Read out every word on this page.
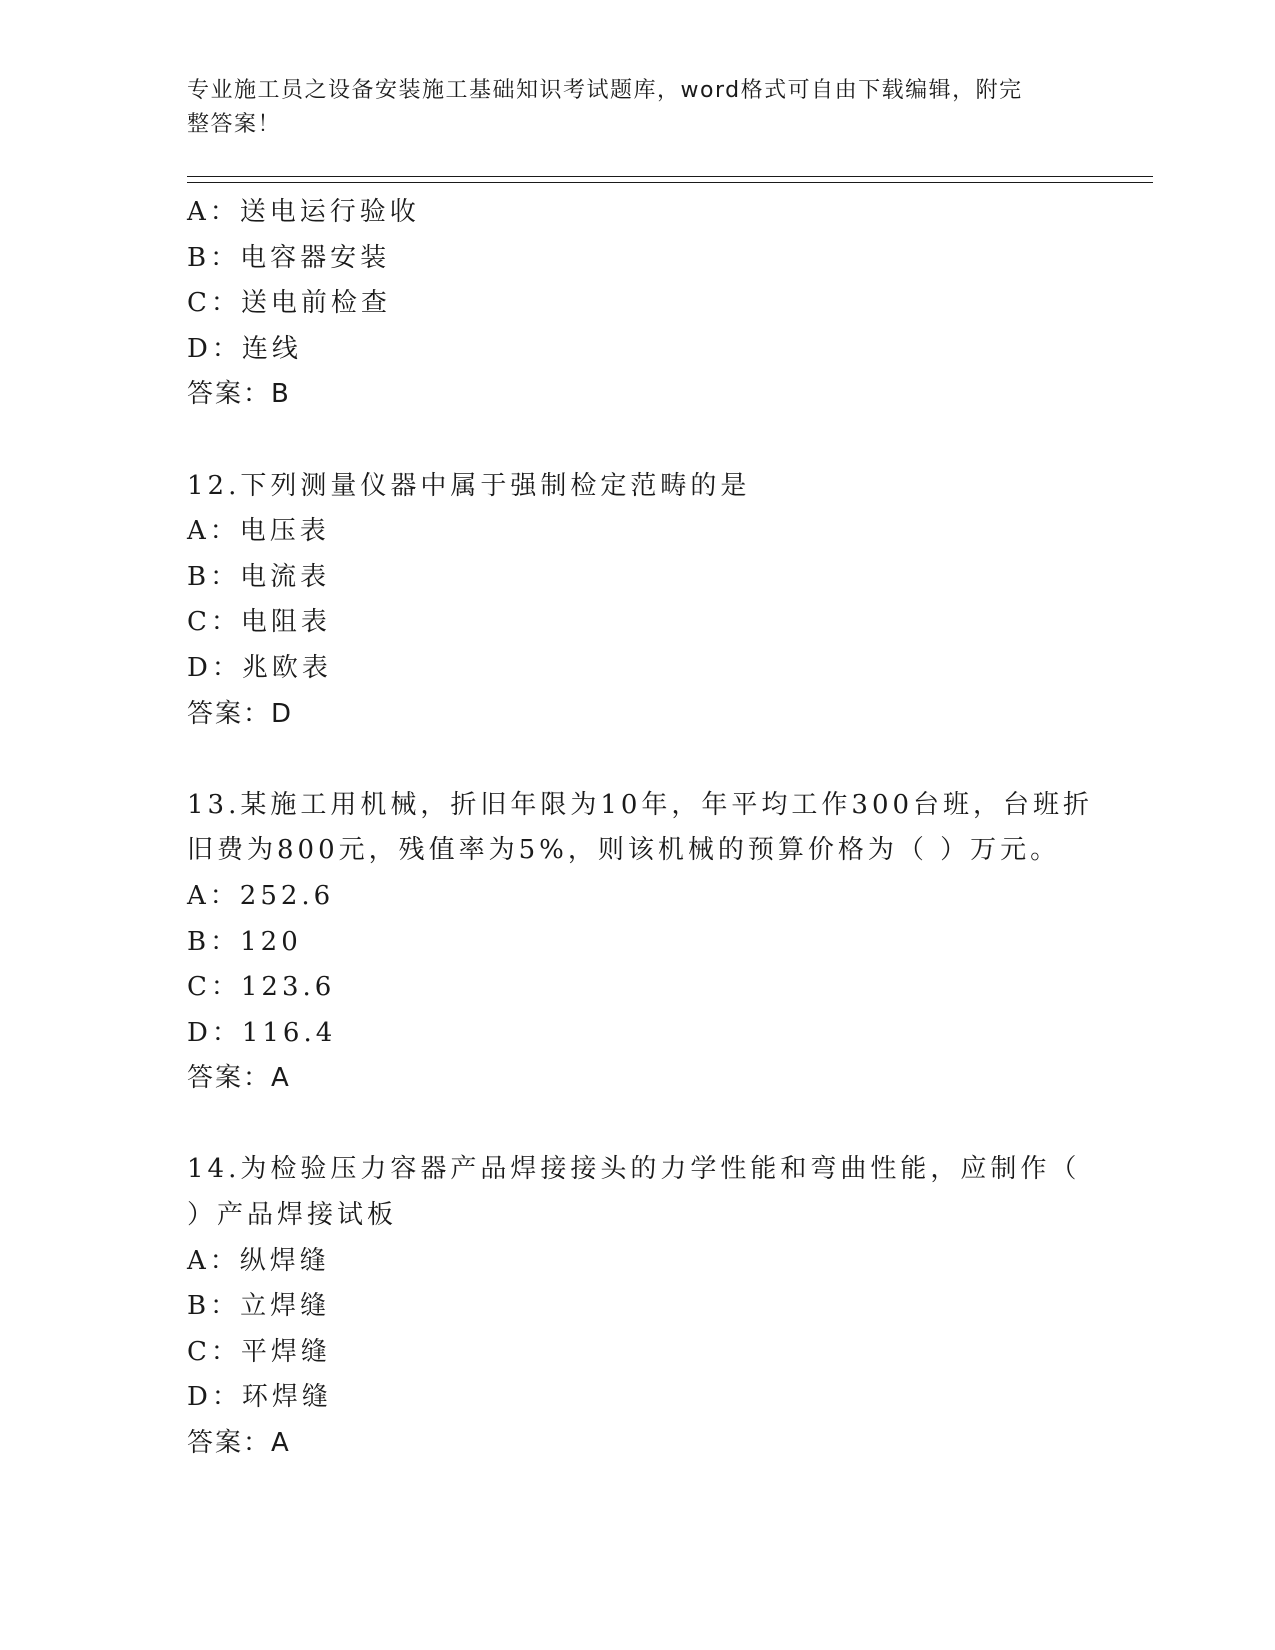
专业施工员之设备安装施工基础知识考试题库，word格式可自由下载编辑，附完
整答案！
A：送电运行验收
B：电容器安装
C：送电前检查
D：连线
答案：B
12.下列测量仪器中属于强制检定范畴的是
A：电压表
B：电流表
C：电阻表
D：兆欧表
答案：D
13.某施工用机械，折旧年限为10年，年平均工作300台班，台班折
旧费为800元，残值率为5%，则该机械的预算价格为（ ）万元。
A：252.6
B：120
C：123.6
D：116.4
答案：A
14.为检验压力容器产品焊接接头的力学性能和弯曲性能，应制作（
）产品焊接试板
A：纵焊缝
B：立焊缝
C：平焊缝
D：环焊缝
答案：A
